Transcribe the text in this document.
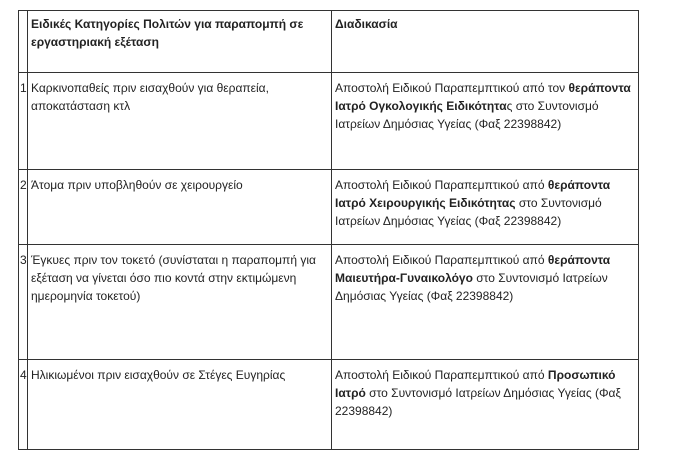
	Ειδικές Κατηγορίες Πολιτών για παραπομπή σε εργαστηριακή εξέταση	Διαδικασία

1	Καρκινοπαθείς πριν εισαχθούν για θεραπεία, αποκατάσταση κτλ	Αποστολή Ειδικού Παραπεμπτικού από τον θεράποντα Ιατρό Ογκολογικής Ειδικότητας στο Συντονισμό Ιατρείων Δημόσιας Υγείας (Φαξ 22398842)

2	Άτομα πριν υποβληθούν σε χειρουργείο	Αποστολή Ειδικού Παραπεμπτικού από θεράποντα Ιατρό Χειρουργικής Ειδικότητας στο Συντονισμό Ιατρείων Δημόσιας Υγείας (Φαξ 22398842)

3	Έγκυες πριν τον τοκετό (συνίσταται η παραπομπή για εξέταση να γίνεται όσο πιο κοντά στην εκτιμώμενη ημερομηνία τοκετού)	Αποστολή Ειδικού Παραπεμπτικού από θεράποντα Μαιευτήρα-Γυναικολόγο στο Συντονισμό Ιατρείων Δημόσιας Υγείας (Φαξ 22398842)

4	Ηλικιωμένοι πριν εισαχθούν σε Στέγες Ευγηρίας	Αποστολή Ειδικού Παραπεμπτικού από Προσωπικό Ιατρό στο Συντονισμό Ιατρείων Δημόσιας Υγείας (Φαξ 22398842)
